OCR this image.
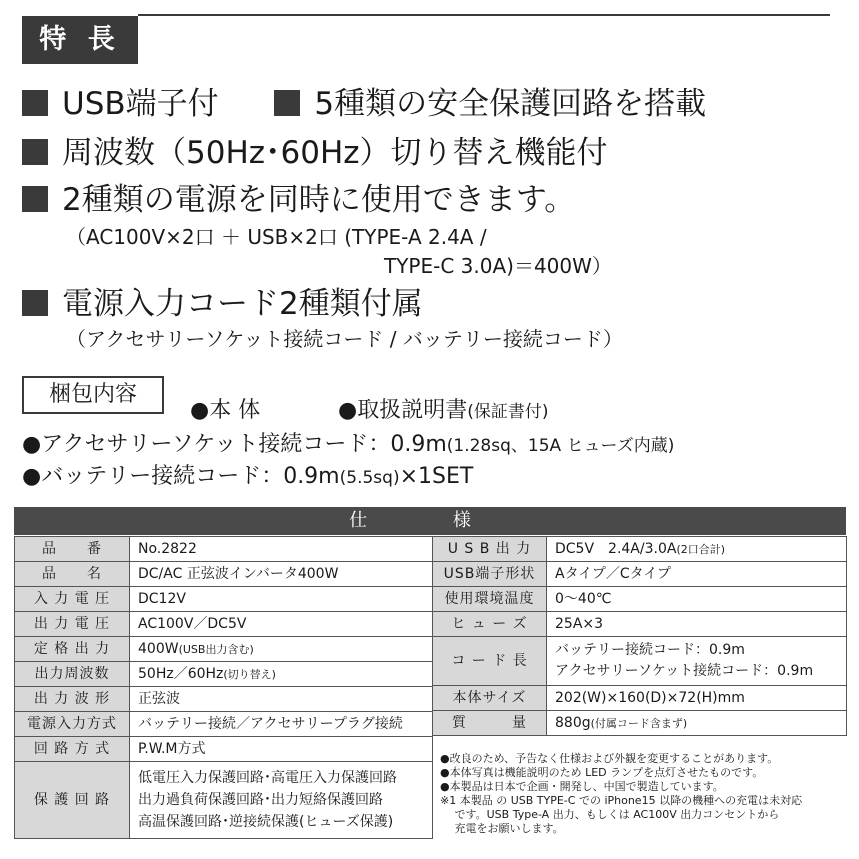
特 長
USB端子付	5種類の安全保護回路を搭載
周波数（50Hz･60Hz）切り替え機能付
2種類の電源を同時に使用できます。
（AC100V×2口 ＋ USB×2口 (TYPE-A 2.4A /
TYPE-C 3.0A)＝400W）
電源入力コード2種類付属
（アクセサリーソケット接続コード / バッテリー接続コード）
梱包内容
●本 体	●取扱説明書(保証書付)
●アクセサリーソケット接続コード：0.9m(1.28sq、15A ヒューズ内蔵)
●バッテリー接続コード：0.9m(5.5sq)×1SET
仕 様
品　　番	No.2822
品　　名	DC/AC 正弦波インバータ400W
入 力 電 圧	DC12V
出 力 電 圧	AC100V／DC5V
定 格 出 力	400W(USB出力含む)
出力周波数	50Hz／60Hz(切り替え)
出 力 波 形	正弦波
電源入力方式	バッテリー接続／アクセサリープラグ接続
回 路 方 式	P.W.M方式
保 護 回 路	低電圧入力保護回路･高電圧入力保護回路
出力過負荷保護回路･出力短絡保護回路
高温保護回路･逆接続保護(ヒューズ保護)
U S B 出 力	DC5V　2.4A/3.0A(2口合計)
USB端子形状	Aタイプ／Cタイプ
使用環境温度	0～40℃
ヒ ュ ー ズ	25A×3
コ ー ド 長	バッテリー接続コード：0.9m
アクセサリーソケット接続コード：0.9m

本体サイズ	202(W)×160(D)×72(H)mm
質　　　量	880g(付属コード含まず)
●改良のため、予告なく仕様および外観を変更することがあります。
●本体写真は機能説明のため LED ランプを点灯させたものです。
●本製品は日本で企画・開発し、中国で製造しています。
※1 本製品 の USB TYPE-C での iPhone15 以降の機種への充電は未対応
　 です。USB Type-A 出力、もしくは AC100V 出力コンセントから
　 充電をお願いします。
